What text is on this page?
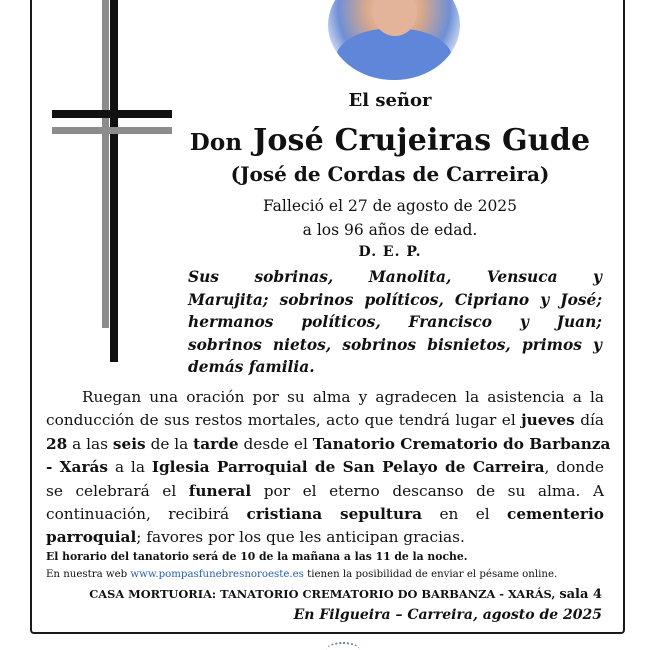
El señor
Don José Crujeiras Gude
(José de Cordas de Carreira)
Falleció el 27 de agosto de 2025
a los 96 años de edad.
D. E. P.
Sus sobrinas, Manolita, Vensuca y
Marujita; sobrinos políticos, Cipriano y José;
hermanos políticos, Francisco y Juan;
sobrinos nietos, sobrinos bisnietos, primos y
demás familia.
Ruegan una oración por su alma y agradecen la asistencia a la
conducción de sus restos mortales, acto que tendrá lugar el jueves día
28 a las seis de la tarde desde el Tanatorio Crematorio do Barbanza
- Xarás a la Iglesia Parroquial de San Pelayo de Carreira, donde
se celebrará el funeral por el eterno descanso de su alma. A
continuación, recibirá cristiana sepultura en el cementerio
parroquial; favores por los que les anticipan gracias.
El horario del tanatorio será de 10 de la mañana a las 11 de la noche.
En nuestra web www.pompasfunebresnoroeste.es tienen la posibilidad de enviar el pésame online.
CASA MORTUORIA: TANATORIO CREMATORIO DO BARBANZA - XARÁS, sala 4
En Filgueira – Carreira, agosto de 2025
